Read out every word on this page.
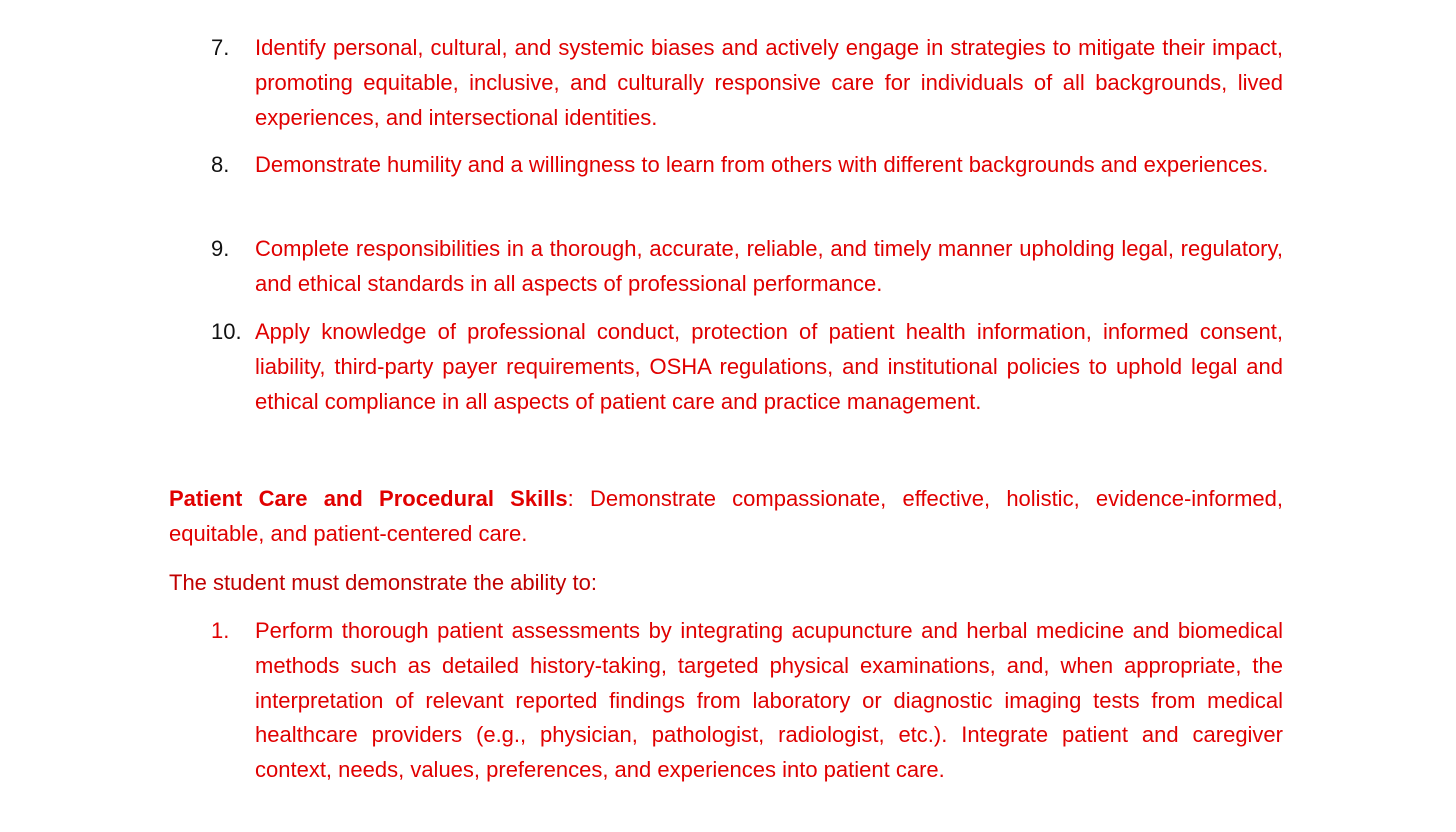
7. Identify personal, cultural, and systemic biases and actively engage in strategies to mitigate their impact, promoting equitable, inclusive, and culturally responsive care for individuals of all backgrounds, lived experiences, and intersectional identities.
8. Demonstrate humility and a willingness to learn from others with different backgrounds and experiences.
9. Complete responsibilities in a thorough, accurate, reliable, and timely manner upholding legal, regulatory, and ethical standards in all aspects of professional performance.
10. Apply knowledge of professional conduct, protection of patient health information, informed consent, liability, third-party payer requirements, OSHA regulations, and institutional policies to uphold legal and ethical compliance in all aspects of patient care and practice management.
Patient Care and Procedural Skills: Demonstrate compassionate, effective, holistic, evidence-informed, equitable, and patient-centered care.
The student must demonstrate the ability to:
1. Perform thorough patient assessments by integrating acupuncture and herbal medicine and biomedical methods such as detailed history-taking, targeted physical examinations, and, when appropriate, the interpretation of relevant reported findings from laboratory or diagnostic imaging tests from medical healthcare providers (e.g., physician, pathologist, radiologist, etc.). Integrate patient and caregiver context, needs, values, preferences, and experiences into patient care.
